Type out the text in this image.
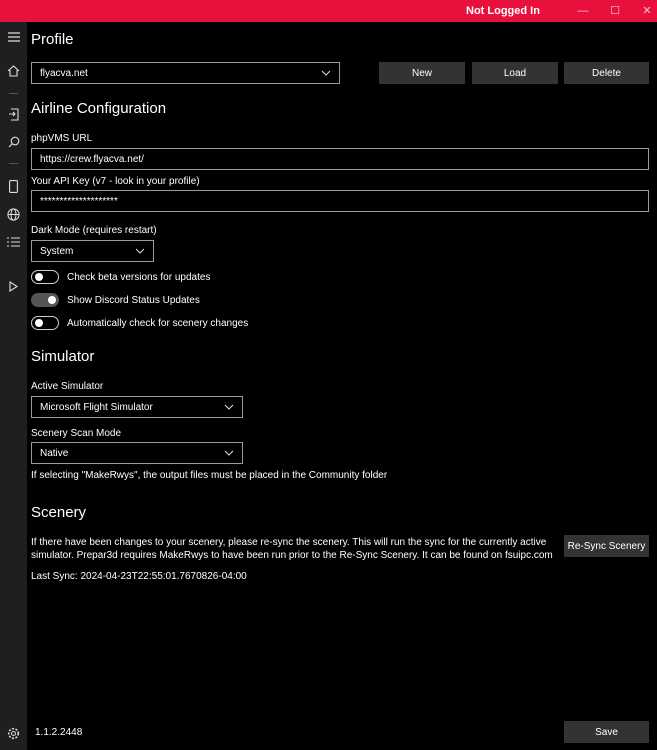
Not Logged In	—	☐	✕
Profile
flyacva.net	New	Load	Delete
Airline Configuration
phpVMS URL
https://crew.flyacva.net/
Your API Key (v7 - look in your profile)
********************
Dark Mode (requires restart)
System
Check beta versions for updates
Show Discord Status Updates
Automatically check for scenery changes
Simulator
Active Simulator
Microsoft Flight Simulator
Scenery Scan Mode
Native
If selecting "MakeRwys", the output files must be placed in the Community folder
Scenery
If there have been changes to your scenery, please re-sync the scenery. This will run the sync for the currently active
simulator. Prepar3d requires MakeRwys to have been run prior to the Re-Sync Scenery. It can be found on fsuipc.com
Re-Sync Scenery
Last Sync: 2024-04-23T22:55:01.7670826-04:00
1.1.2.2448	Save
